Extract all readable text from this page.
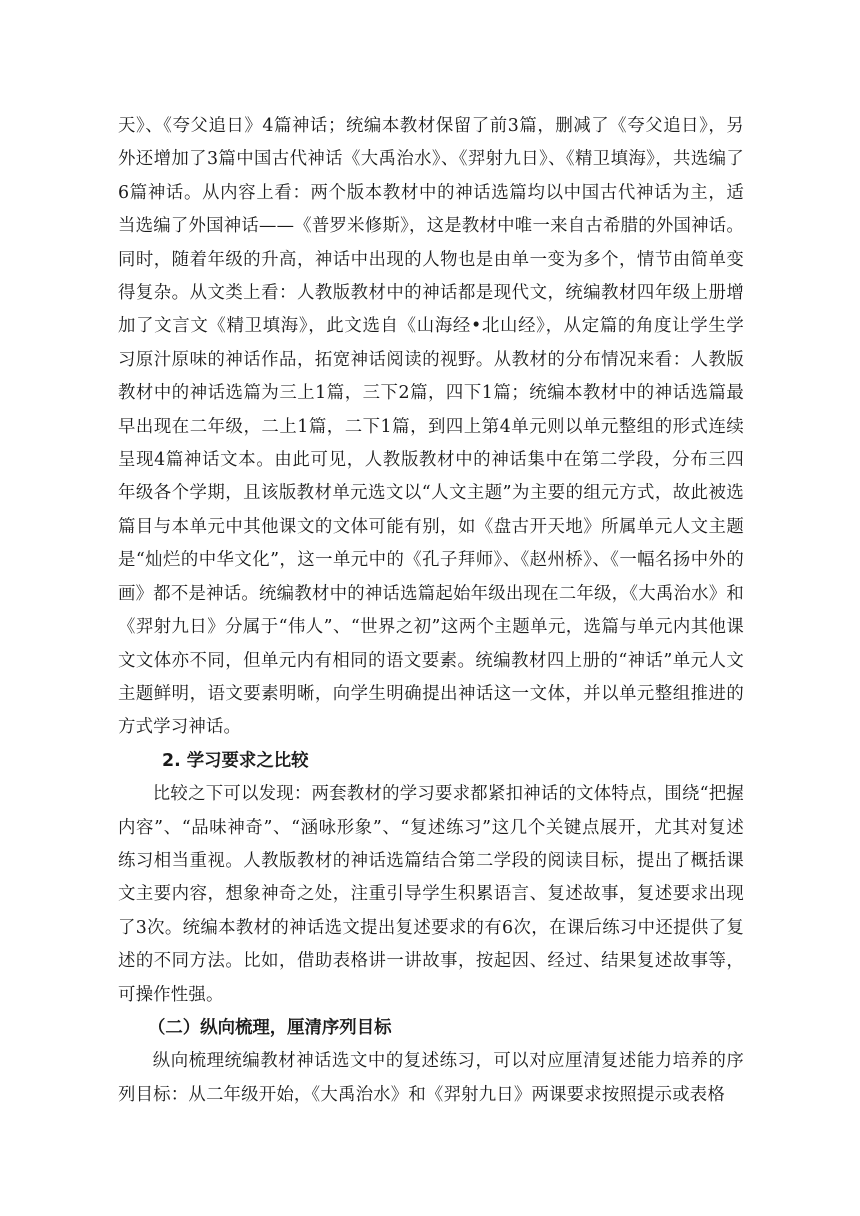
天》、《夸父追日》4篇神话；统编本教材保留了前3篇，删减了《夸父追日》，另外还增加了3篇中国古代神话《大禹治水》、《羿射九日》、《精卫填海》，共选编了6篇神话。从内容上看：两个版本教材中的神话选篇均以中国古代神话为主，适当选编了外国神话——《普罗米修斯》，这是教材中唯一来自古希腊的外国神话。同时，随着年级的升高，神话中出现的人物也是由单一变为多个，情节由简单变得复杂。从文类上看：人教版教材中的神话都是现代文，统编教材四年级上册增加了文言文《精卫填海》，此文选自《山海经•北山经》，从定篇的角度让学生学习原汁原味的神话作品，拓宽神话阅读的视野。从教材的分布情况来看：人教版教材中的神话选篇为三上1篇，三下2篇，四下1篇；统编本教材中的神话选篇最早出现在二年级，二上1篇，二下1篇，到四上第4单元则以单元整组的形式连续呈现4篇神话文本。由此可见，人教版教材中的神话集中在第二学段，分布三四年级各个学期，且该版教材单元选文以“人文主题”为主要的组元方式，故此被选篇目与本单元中其他课文的文体可能有别，如《盘古开天地》所属单元人文主题是“灿烂的中华文化”，这一单元中的《孔子拜师》、《赵州桥》、《一幅名扬中外的画》都不是神话。统编教材中的神话选篇起始年级出现在二年级，《大禹治水》和《羿射九日》分属于“伟人”、“世界之初”这两个主题单元，选篇与单元内其他课文文体亦不同，但单元内有相同的语文要素。统编教材四上册的“神话”单元人文主题鲜明，语文要素明晰，向学生明确提出神话这一文体，并以单元整组推进的方式学习神话。

2. 学习要求之比较

比较之下可以发现：两套教材的学习要求都紧扣神话的文体特点，围绕“把握内容”、“品味神奇”、“涵咏形象”、“复述练习”这几个关键点展开，尤其对复述练习相当重视。人教版教材的神话选篇结合第二学段的阅读目标，提出了概括课文主要内容，想象神奇之处，注重引导学生积累语言、复述故事，复述要求出现了3次。统编本教材的神话选文提出复述要求的有6次，在课后练习中还提供了复述的不同方法。比如，借助表格讲一讲故事，按起因、经过、结果复述故事等，可操作性强。

（二）纵向梳理，厘清序列目标

纵向梳理统编教材神话选文中的复述练习，可以对应厘清复述能力培养的序列目标：从二年级开始，《大禹治水》和《羿射九日》两课要求按照提示或表格
